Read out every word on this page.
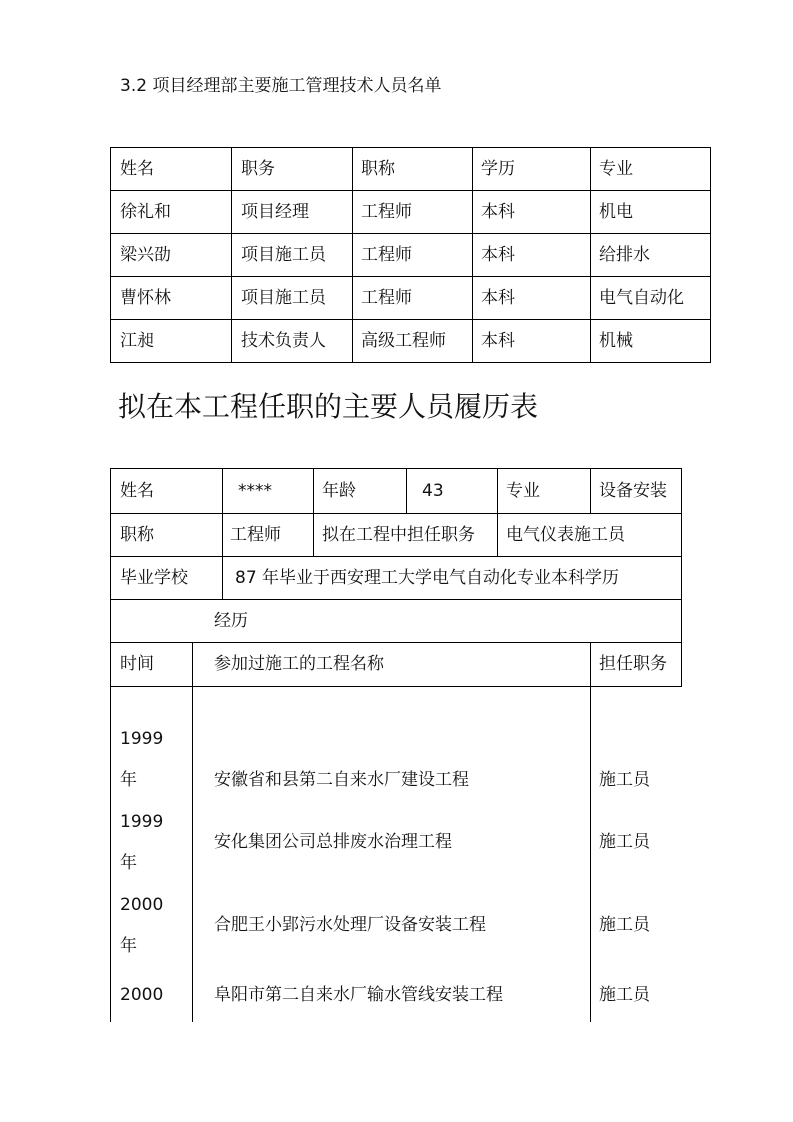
3.2 项目经理部主要施工管理技术人员名单
姓名	职务	职称	学历	专业
徐礼和	项目经理	工程师	本科	机电
梁兴劭	项目施工员 工程师	本科	给排水
曹怀林	项目施工员 工程师	本科	电气自动化
江昶	技术负责人 高级工程师 本科	机械
拟在本工程任职的主要人员履历表
姓名	****	年龄	43	专业	设备安装
职称	工程师 拟在工程中担任职务 电气仪表施工员
毕业学校	87 年毕业于西安理工大学电气自动化专业本科学历
经历
时间	参加过施工的工程名称	担任职务
1999
年	安徽省和县第二自来水厂建设工程	施工员
1999
年
安化集团公司总排废水治理工程	施工员
2000
年
合肥王小郢污水处理厂设备安装工程	施工员
2000	阜阳市第二自来水厂输水管线安装工程	施工员
